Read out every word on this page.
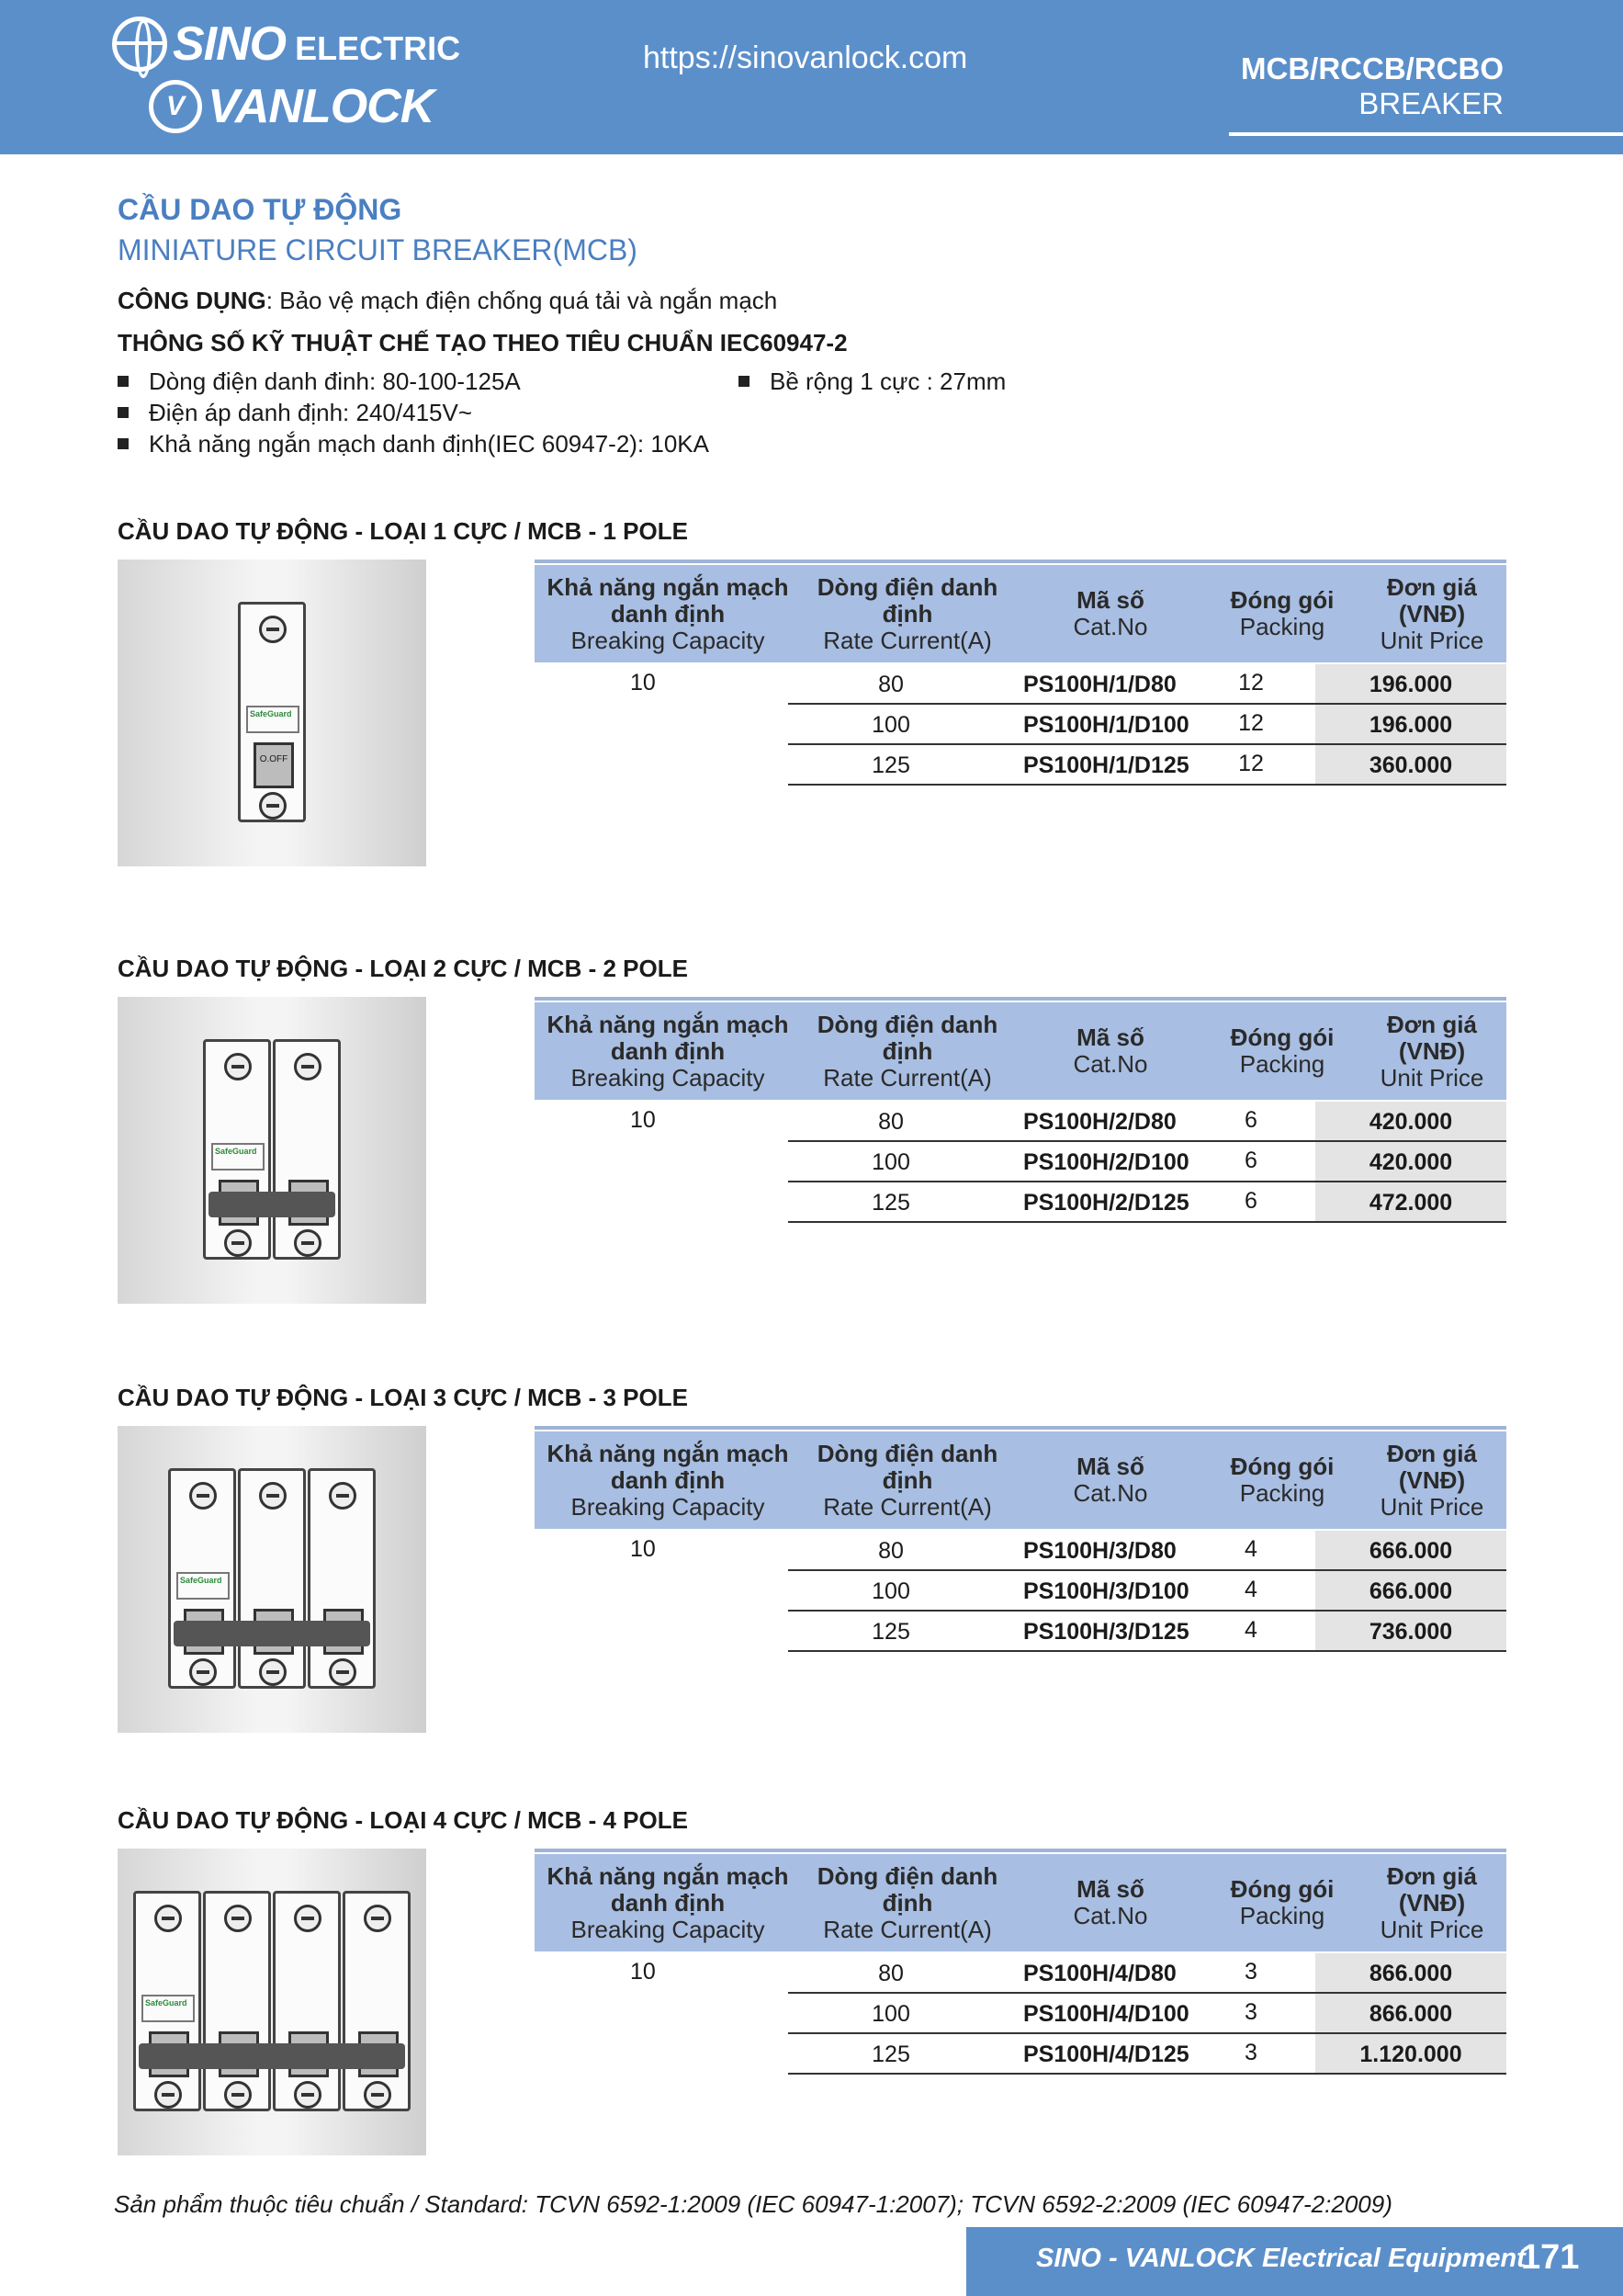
SINO ELECTRIC
V VANLOCK
https://sinovanlock.com	MCB/RCCB/RCBO
BREAKER
CẦU DAO TỰ ĐỘNG
MINIATURE CIRCUIT BREAKER(MCB)
CÔNG DỤNG: Bảo vệ mạch điện chống quá tải và ngắn mạch
THÔNG SỐ KỸ THUẬT CHẾ TẠO THEO TIÊU CHUẨN IEC60947-2
Dòng điện danh đinh: 80-100-125A
Điện áp danh định: 240/415V~
Khả năng ngắn mạch danh định(IEC 60947-2): 10KA
Bề rộng 1 cực : 27mm
CẦU DAO TỰ ĐỘNG - LOẠI 1 CỰC / MCB - 1 POLE
SafeGuard
O.OFF
Khả năng ngắn mạch danh định
Breaking Capacity
Dòng điện danh định
Rate Current(A)
Mã số
Cat.No
Đóng gói
Packing
Đơn giá (VNĐ)
Unit Price
10	80	PS100H/1/D80	12	196.000
100	PS100H/1/D100	12	196.000
125	PS100H/1/D125	12	360.000
CẦU DAO TỰ ĐỘNG - LOẠI 2 CỰC / MCB - 2 POLE
SafeGuard
Khả năng ngắn mạch danh định
Breaking Capacity
Dòng điện danh định
Rate Current(A)
Mã số
Cat.No
Đóng gói
Packing
Đơn giá (VNĐ)
Unit Price
10	80	PS100H/2/D80	6	420.000
100	PS100H/2/D100	6	420.000
125	PS100H/2/D125	6	472.000
CẦU DAO TỰ ĐỘNG - LOẠI 3 CỰC / MCB - 3 POLE
SafeGuard
Khả năng ngắn mạch danh định
Breaking Capacity
Dòng điện danh định
Rate Current(A)
Mã số
Cat.No
Đóng gói
Packing
Đơn giá (VNĐ)
Unit Price
10	80	PS100H/3/D80	4	666.000
100	PS100H/3/D100	4	666.000
125	PS100H/3/D125	4	736.000
CẦU DAO TỰ ĐỘNG - LOẠI 4 CỰC / MCB - 4 POLE
SafeGuard
Khả năng ngắn mạch danh định
Breaking Capacity
Dòng điện danh định
Rate Current(A)
Mã số
Cat.No
Đóng gói
Packing
Đơn giá (VNĐ)
Unit Price
10	80	PS100H/4/D80	3	866.000
100	PS100H/4/D100	3	866.000
125	PS100H/4/D125	3	1.120.000
Sản phẩm thuộc tiêu chuẩn / Standard: TCVN 6592-1:2009 (IEC 60947-1:2007); TCVN 6592-2:2009 (IEC 60947-2:2009)
SINO - VANLOCK Electrical Equipment
171
